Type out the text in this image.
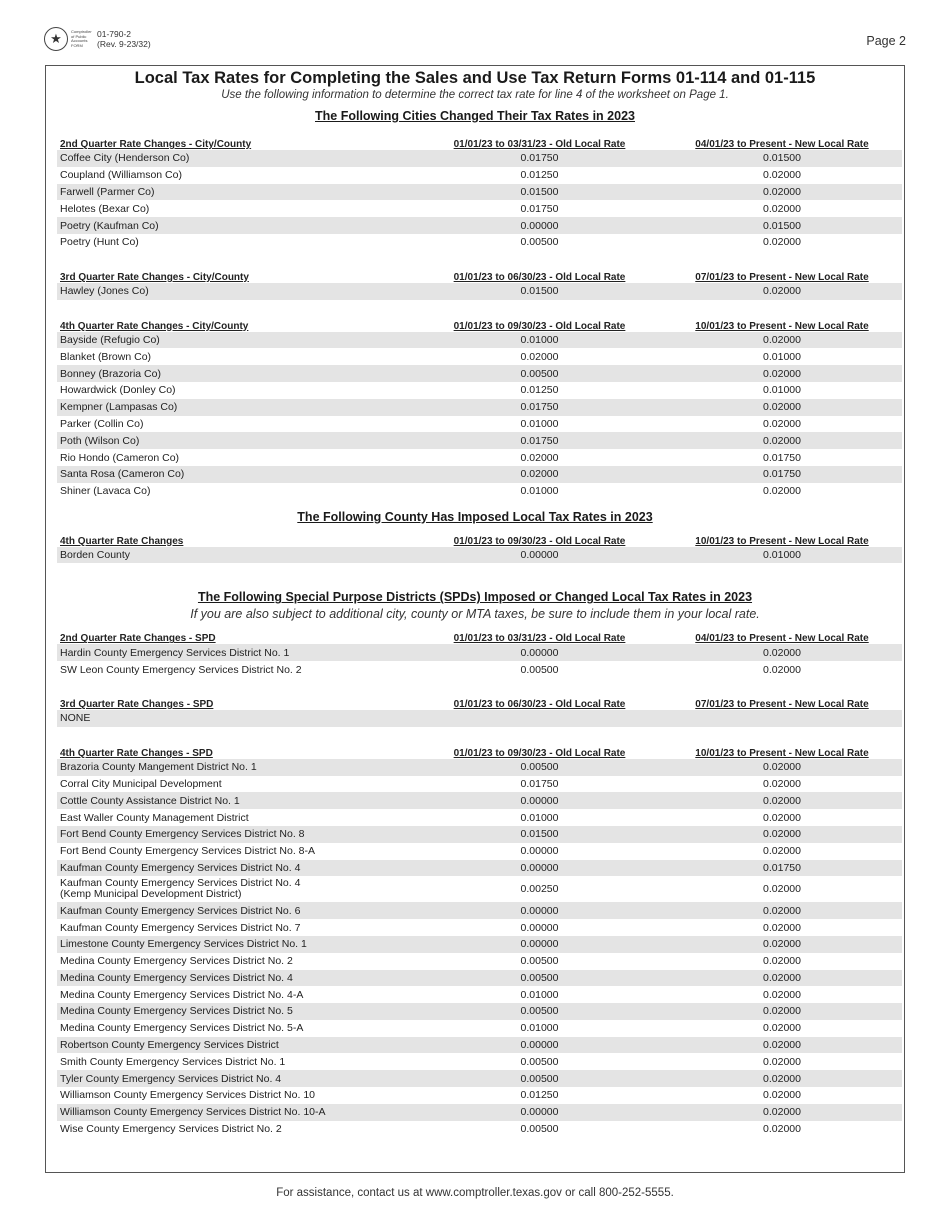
★	Comptroller
of Public
Accounts
FORM
01-790-2
(Rev. 9-23/32)	Page 2
Local Tax Rates for Completing the Sales and Use Tax Return Forms 01-114 and 01-115
Use the following information to determine the correct tax rate for line 4 of the worksheet on Page 1.
The Following Cities Changed Their Tax Rates in 2023
2nd Quarter Rate Changes - City/County	01/01/23 to 03/31/23 - Old Local Rate	04/01/23 to Present - New Local Rate
Coffee City (Henderson Co)	0.01750	0.01500
Coupland (Williamson Co)	0.01250	0.02000
Farwell (Parmer Co)	0.01500	0.02000
Helotes (Bexar Co)	0.01750	0.02000
Poetry (Kaufman Co)	0.00000	0.01500
Poetry (Hunt Co)	0.00500	0.02000
3rd Quarter Rate Changes - City/County	01/01/23 to 06/30/23 - Old Local Rate	07/01/23 to Present - New Local Rate
Hawley (Jones Co)	0.01500	0.02000
4th Quarter Rate Changes - City/County	01/01/23 to 09/30/23 - Old Local Rate	10/01/23 to Present - New Local Rate
Bayside (Refugio Co)	0.01000	0.02000
Blanket (Brown Co)	0.02000	0.01000
Bonney (Brazoria Co)	0.00500	0.02000
Howardwick (Donley Co)	0.01250	0.01000
Kempner (Lampasas Co)	0.01750	0.02000
Parker (Collin Co)	0.01000	0.02000
Poth (Wilson Co)	0.01750	0.02000
Rio Hondo (Cameron Co)	0.02000	0.01750
Santa Rosa (Cameron Co)	0.02000	0.01750
Shiner (Lavaca Co)	0.01000	0.02000
The Following County Has Imposed Local Tax Rates in 2023
4th Quarter Rate Changes	01/01/23 to 09/30/23 - Old Local Rate	10/01/23 to Present - New Local Rate
Borden County	0.00000	0.01000
The Following Special Purpose Districts (SPDs) Imposed or Changed Local Tax Rates in 2023
If you are also subject to additional city, county or MTA taxes, be sure to include them in your local rate.
2nd Quarter Rate Changes - SPD	01/01/23 to 03/31/23 - Old Local Rate	04/01/23 to Present - New Local Rate
Hardin County Emergency Services District No. 1	0.00000	0.02000
SW Leon County Emergency Services District No. 2	0.00500	0.02000
3rd Quarter Rate Changes - SPD	01/01/23 to 06/30/23 - Old Local Rate	07/01/23 to Present - New Local Rate
NONE		
4th Quarter Rate Changes - SPD	01/01/23 to 09/30/23 - Old Local Rate	10/01/23 to Present - New Local Rate
Brazoria County Mangement District No. 1	0.00500	0.02000
Corral City Municipal Development	0.01750	0.02000
Cottle County Assistance District No. 1	0.00000	0.02000
East Waller County Management District	0.01000	0.02000
Fort Bend County Emergency Services District No. 8	0.01500	0.02000
Fort Bend County Emergency Services District No. 8-A	0.00000	0.02000
Kaufman County Emergency Services District No. 4	0.00000	0.01750
Kaufman County Emergency Services District No. 4
(Kemp Municipal Development District)	0.00250	0.02000
Kaufman County Emergency Services District No. 6	0.00000	0.02000
Kaufman County Emergency Services District No. 7	0.00000	0.02000
Limestone County Emergency Services District No. 1	0.00000	0.02000
Medina County Emergency Services District No. 2	0.00500	0.02000
Medina County Emergency Services District No. 4	0.00500	0.02000
Medina County Emergency Services District No. 4-A	0.01000	0.02000
Medina County Emergency Services District No. 5	0.00500	0.02000
Medina County Emergency Services District No. 5-A	0.01000	0.02000
Robertson County Emergency Services District	0.00000	0.02000
Smith County Emergency Services District No. 1	0.00500	0.02000
Tyler County Emergency Services District No. 4	0.00500	0.02000
Williamson County Emergency Services District No. 10	0.01250	0.02000
Williamson County Emergency Services District No. 10-A	0.00000	0.02000
Wise County Emergency Services District No. 2	0.00500	0.02000
For assistance, contact us at www.comptroller.texas.gov or call 800-252-5555.
